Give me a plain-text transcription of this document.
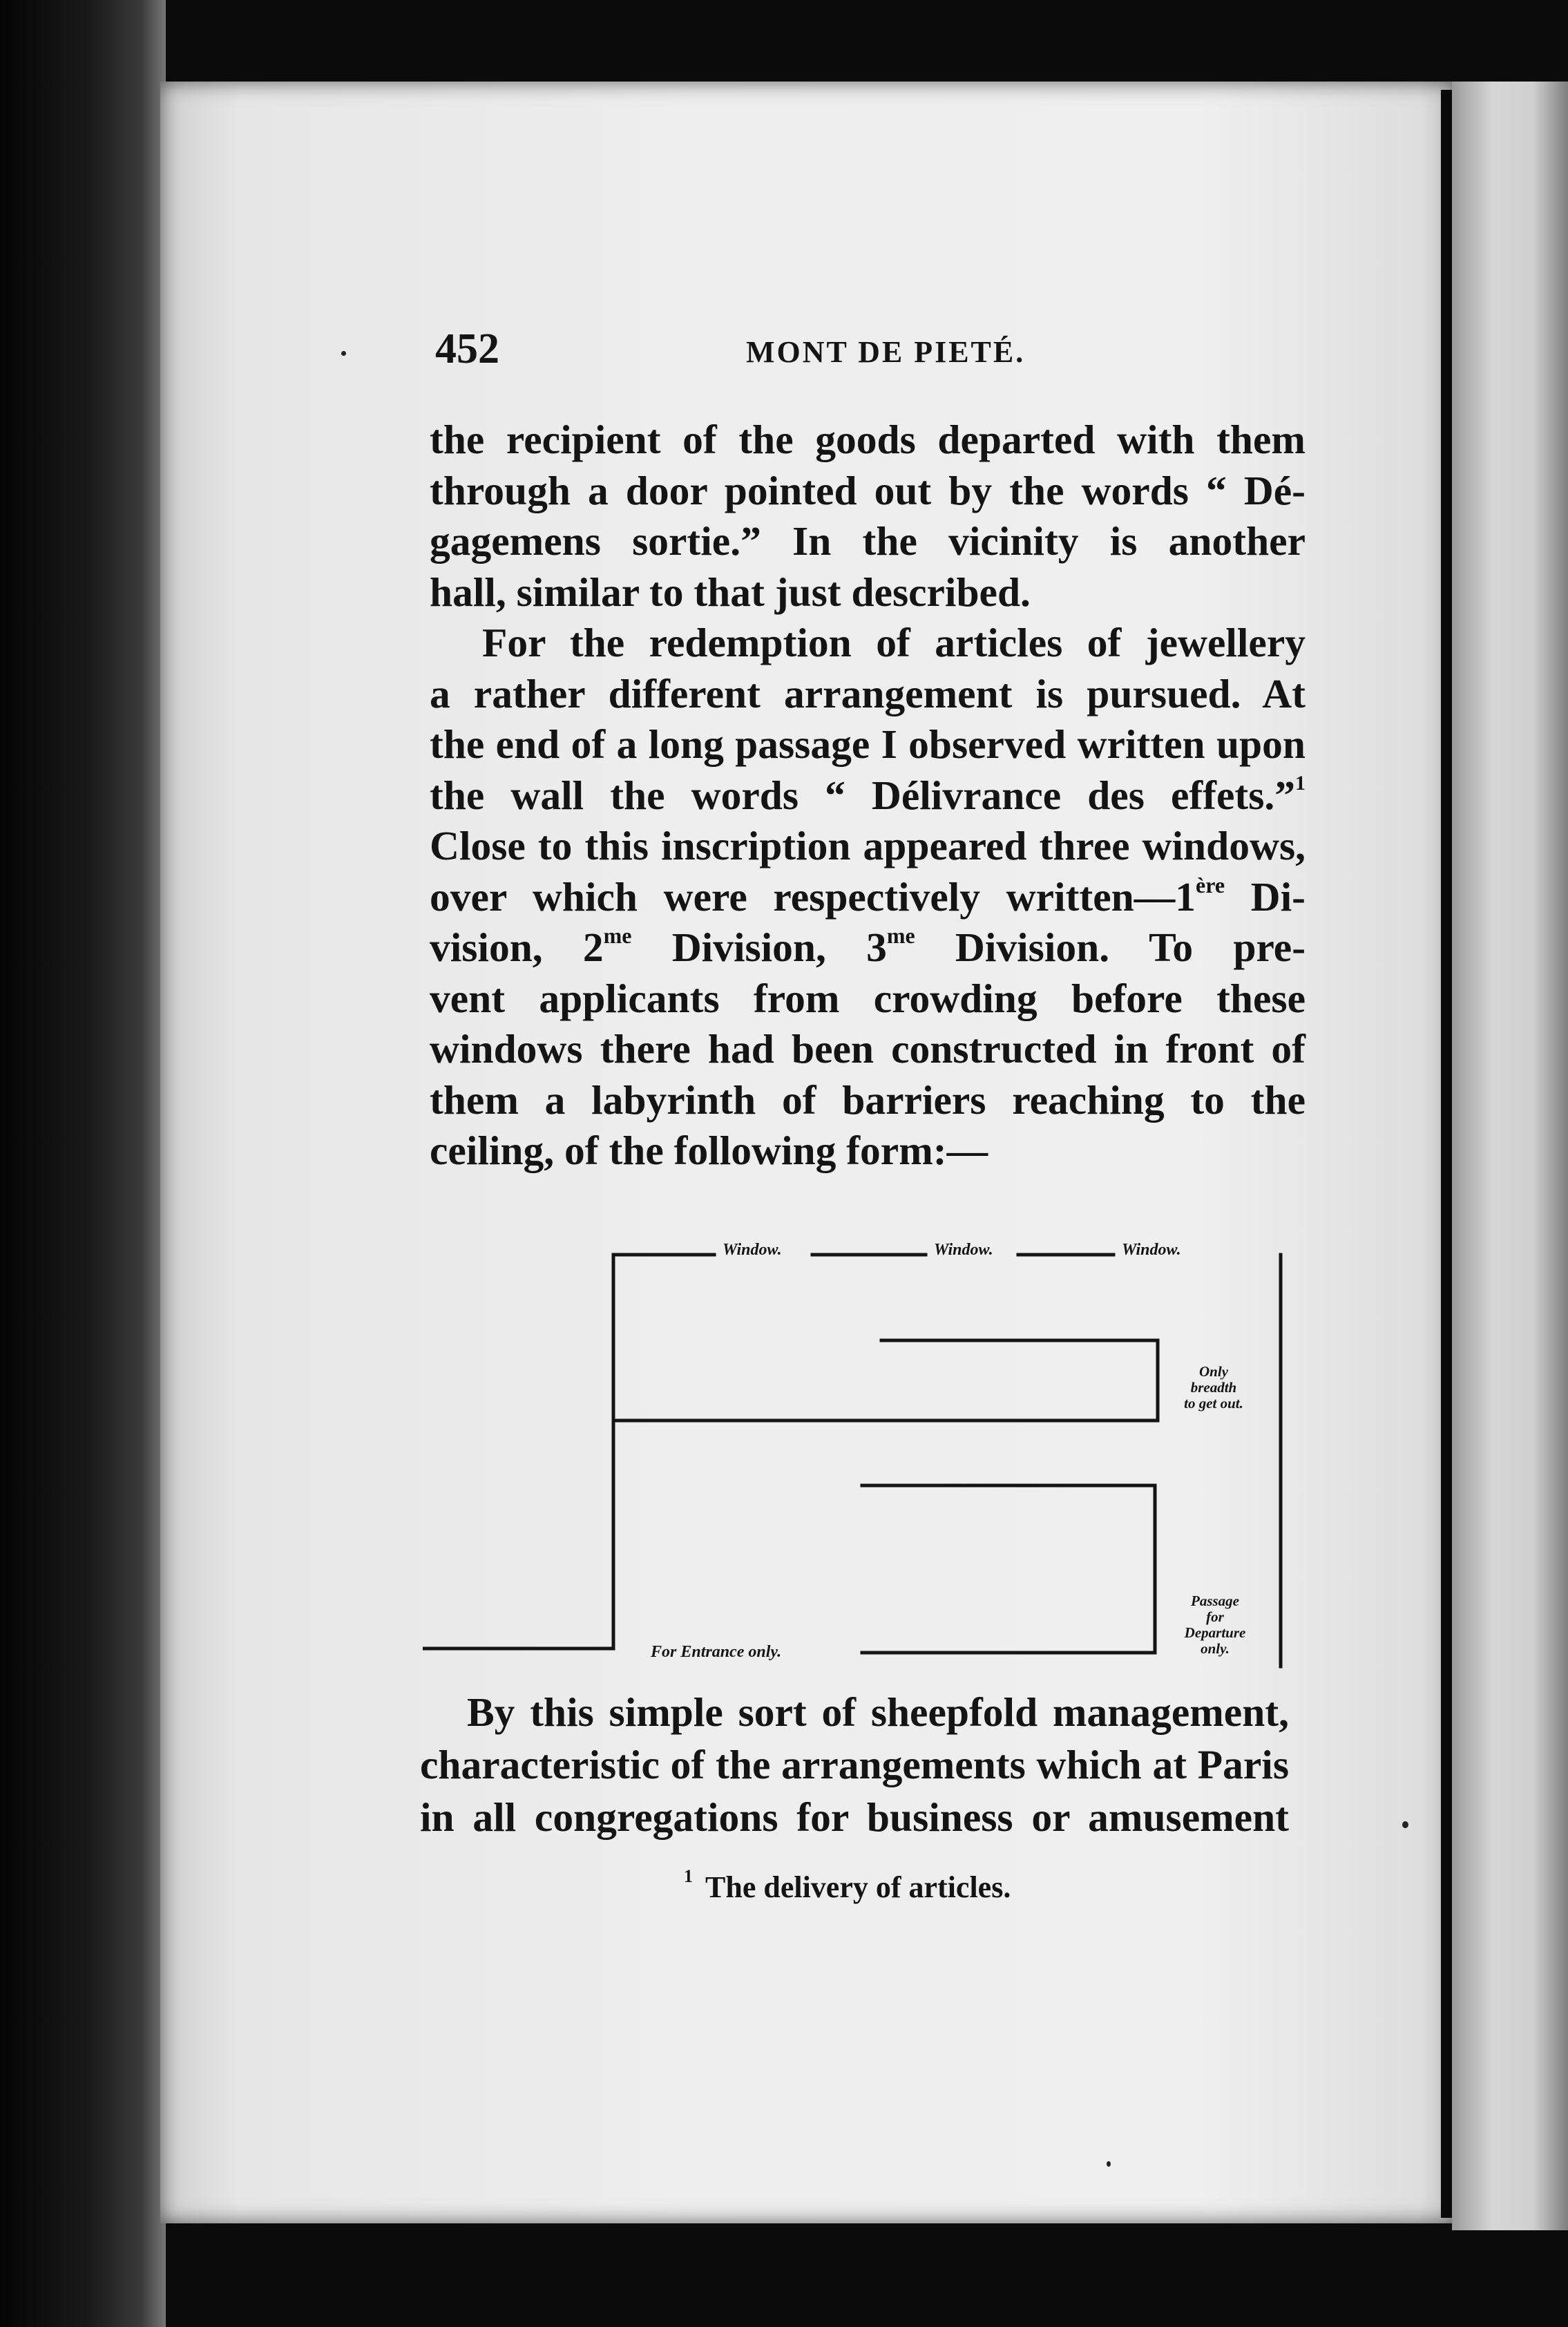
452	MONT DE PIETÉ.

the recipient of the goods departed with them

through a door pointed out by the words “ Dé-

gagemens sortie.” In the vicinity is another

hall, similar to that just described.

For the redemption of articles of jewellery

a rather different arrangement is pursued. At

the end of a long passage I observed written upon

the wall the words “ Délivrance des effets.”$^1$

Close to this inscription appeared three windows,

over which were respectively written—1ère Di-

vision, $2^{me}$ Division, $3^{me}$ Division. To pre-

vent applicants from crowding before these

windows there had been constructed in front of

them a labyrinth of barriers reaching to the

ceiling, of the following form:—

Window.	Window.	Window.
Only
breadth
to get out.
Passage
for
Departure
only.
For Entrance only.

By this simple sort of sheepfold management,

characteristic of the arrangements which at Paris

in all congregations for business or amusement

$^1$ The delivery of articles.
